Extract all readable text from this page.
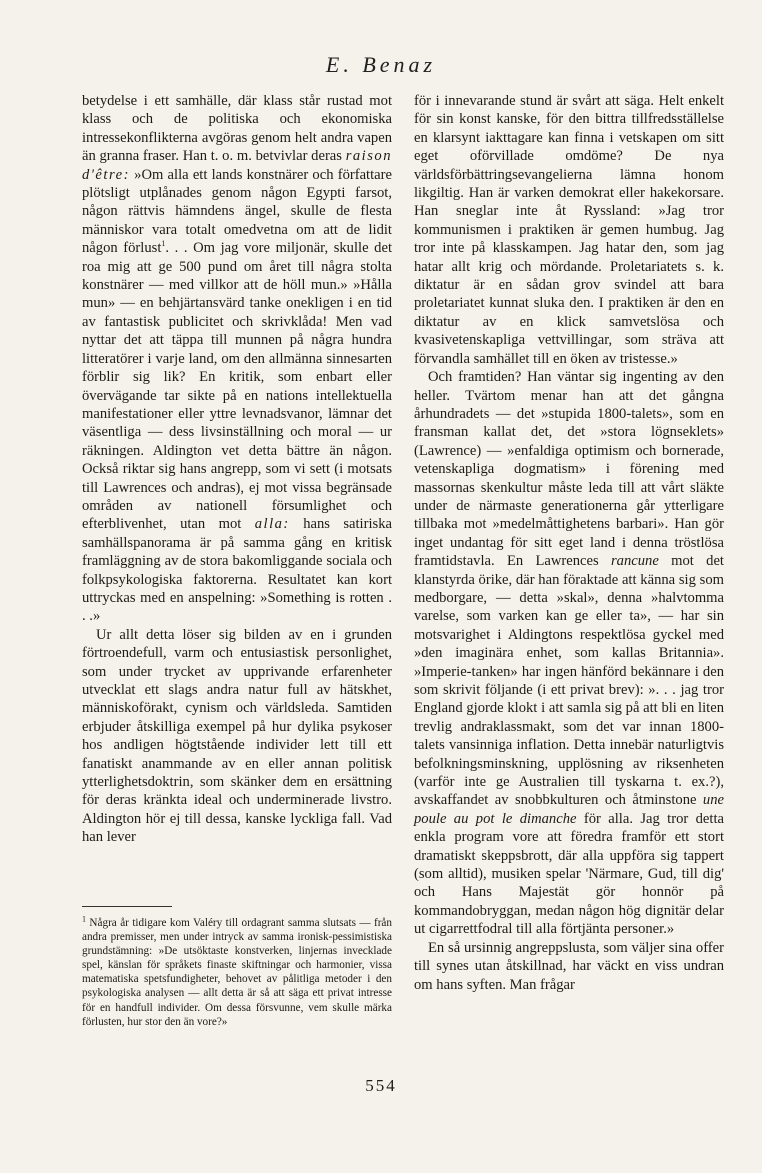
E. Benaz

betydelse i ett samhälle, där klass står rustad mot klass och de politiska och ekonomiska intressekonflikterna avgöras genom helt andra vapen än granna fraser. Han t. o. m. betvivlar deras raison d'être: »Om alla ett lands konstnärer och författare plötsligt utplånades genom någon Egypti farsot, någon rättvis hämndens ängel, skulle de flesta människor vara totalt omedvetna om att de lidit någon förlust$^1$. . . Om jag vore miljonär, skulle det roa mig att ge 500 pund om året till några stolta konstnärer — med villkor att de höll mun.» »Hålla mun» — en behjärtansvärd tanke onekligen i en tid av fantastisk publicitet och skrivklåda! Men vad nyttar det att täppa till munnen på några hundra litteratörer i varje land, om den allmänna sinnesarten förblir sig lik? En kritik, som enbart eller övervägande tar sikte på en nations intellektuella manifestationer eller yttre levnadsvanor, lämnar det väsentliga — dess livsinställning och moral — ur räkningen. Aldington vet detta bättre än någon. Också riktar sig hans angrepp, som vi sett (i motsats till Lawrences och andras), ej mot vissa begränsade områden av nationell försumlighet och efterblivenhet, utan mot alla: hans satiriska samhällspanorama är på samma gång en kritisk framläggning av de stora bakomliggande sociala och folkpsykologiska faktorerna. Resultatet kan kort uttryckas med en anspelning: »Something is rotten . . .»

Ur allt detta löser sig bilden av en i grunden förtroendefull, varm och entusiastisk personlighet, som under trycket av upprivande erfarenheter utvecklat ett slags andra natur full av hätskhet, människoförakt, cynism och världsleda. Samtiden erbjuder åtskilliga exempel på hur dylika psykoser hos andligen högtstående individer lett till ett fanatiskt anammande av en eller annan politisk ytterlighetsdoktrin, som skänker dem en ersättning för deras kränkta ideal och underminerade livstro. Aldington hör ej till dessa, kanske lyckliga fall. Vad han lever

$^1$ Några år tidigare kom Valéry till ordagrant samma slutsats — från andra premisser, men under intryck av samma ironisk-pessimistiska grundstämning: »De utsöktaste konstverken, linjernas invecklade spel, känslan för språkets finaste skiftningar och harmonier, vissa matematiska spetsfundigheter, behovet av pålitliga metoder i den psykologiska analysen — allt detta är så att säga ett privat intresse för en handfull individer. Om dessa försvunne, vem skulle märka förlusten, hur stor den än vore?»

för i innevarande stund är svårt att säga. Helt enkelt för sin konst kanske, för den bittra tillfredsställelse en klarsynt iakttagare kan finna i vetskapen om sitt eget oförvillade omdöme? De nya världsförbättringsevangelierna lämna honom likgiltig. Han är varken demokrat eller hakekorsare. Han sneglar inte åt Ryssland: »Jag tror kommunismen i praktiken är gemen humbug. Jag tror inte på klasskampen. Jag hatar den, som jag hatar allt krig och mördande. Proletariatets s. k. diktatur är en sådan grov svindel att bara proletariatet kunnat sluka den. I praktiken är den en diktatur av en klick samvetslösa och kvasivetenskapliga vettvillingar, som sträva att förvandla samhället till en öken av tristesse.»

Och framtiden? Han väntar sig ingenting av den heller. Tvärtom menar han att det gångna århundradets — det »stupida 1800-talets», som en fransman kallat det, det »stora lögnseklets» (Lawrence) — »enfaldiga optimism och bornerade, vetenskapliga dogmatism» i förening med massornas skenkultur måste leda till att vårt släkte under de närmaste generationerna går ytterligare tillbaka mot »medelmåttighetens barbari». Han gör inget undantag för sitt eget land i denna tröstlösa framtidstavla. En Lawrences rancune mot det klanstyrda örike, där han föraktade att känna sig som medborgare, — detta »skal», denna »halvtomma varelse, som varken kan ge eller ta», — har sin motsvarighet i Aldingtons respektlösa gyckel med »den imaginära enhet, som kallas Britannia». »Imperie-tanken» har ingen hänförd bekännare i den som skrivit följande (i ett privat brev): ». . . jag tror England gjorde klokt i att samla sig på att bli en liten trevlig andraklassmakt, som det var innan 1800-talets vansinniga inflation. Detta innebär naturligtvis befolkningsminskning, upplösning av riksenheten (varför inte ge Australien till tyskarna t. ex.?), avskaffandet av snobbkulturen och åtminstone une poule au pot le dimanche för alla. Jag tror detta enkla program vore att föredra framför ett stort dramatiskt skeppsbrott, där alla uppföra sig tappert (som alltid), musiken spelar 'Närmare, Gud, till dig' och Hans Majestät gör honnör på kommandobryggan, medan någon hög dignitär delar ut cigarrettfodral till alla förtjänta personer.»

En så ursinnig angreppslusta, som väljer sina offer till synes utan åtskillnad, har väckt en viss undran om hans syften. Man frågar

554
